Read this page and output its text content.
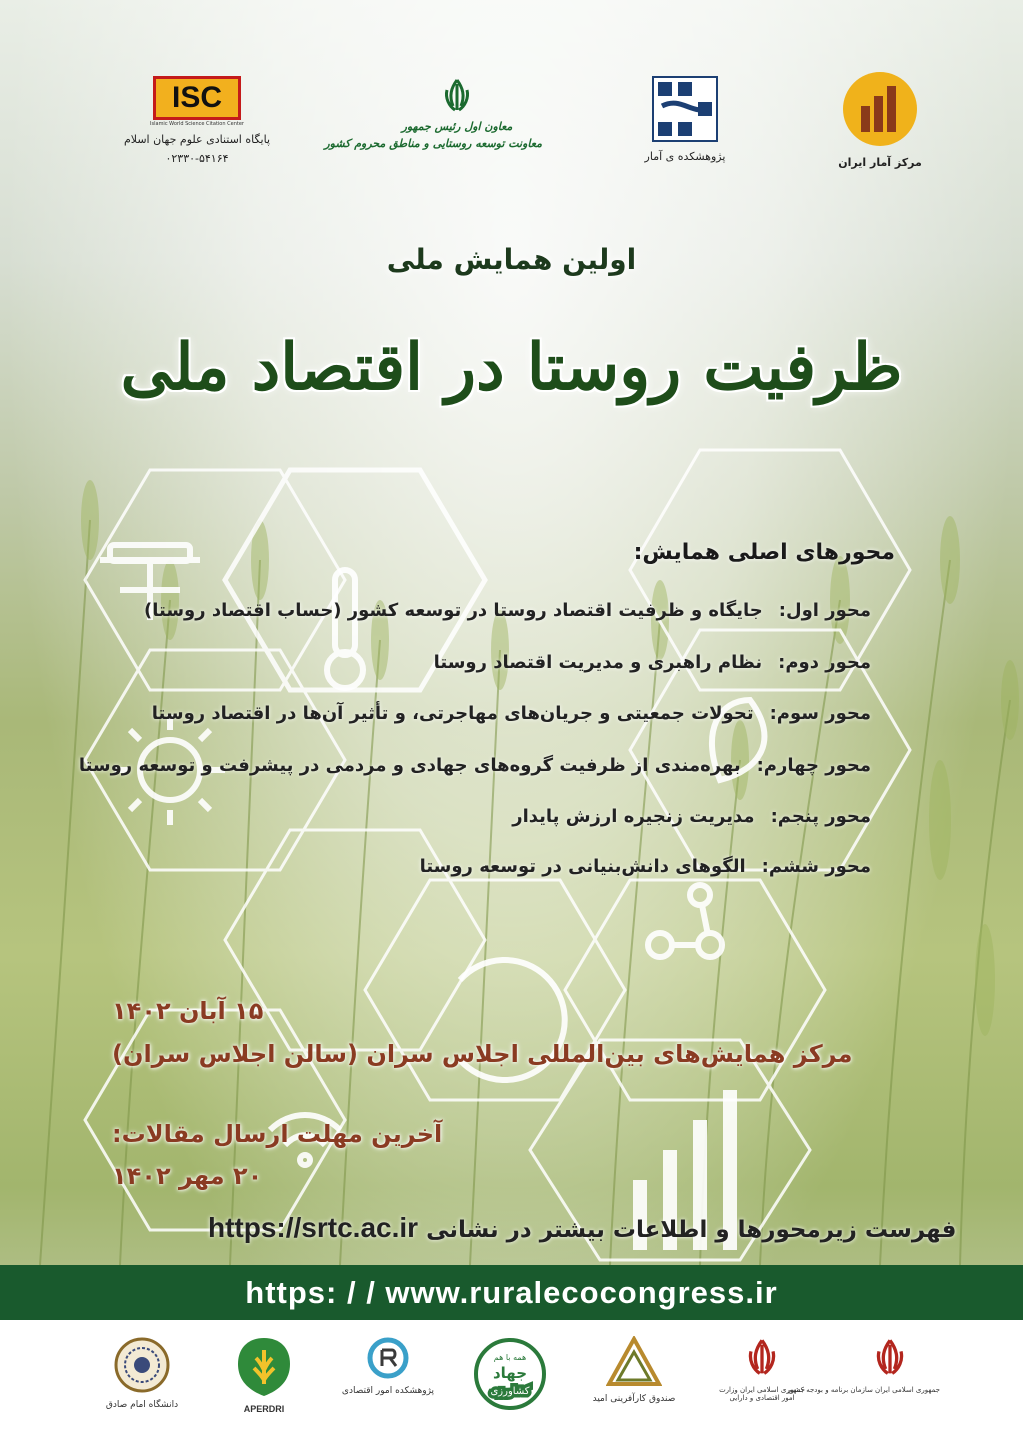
ISC
Islamic World Science Citation Center
پایگاه استنادی علوم جهان اسلام
۰۲۳۳۰-۵۴۱۶۴
معاون اول رئیس جمهور
معاونت توسعه روستایی و مناطق محروم کشور
پژوهشکده ی آمار	مرکز آمار ایران
اولین همایش ملی
ظرفیت روستا در اقتصاد ملی
محورهای اصلی همایش:
محور اول:
جایگاه و ظرفیت اقتصاد روستا در توسعه کشور (حساب اقتصاد روستا)
محور دوم:
نظام راهبری و مدیریت اقتصاد روستا
محور سوم:
تحولات جمعیتی و جریان‌های مهاجرتی، و تأثیر آن‌ها در اقتصاد روستا
محور چهارم:
بهره‌مندی از ظرفیت گروه‌های جهادی و مردمی در پیشرفت و توسعه روستا
محور پنجم:
مدیریت زنجیره ارزش پایدار
محور ششم:
الگوهای دانش‌بنیانی در توسعه روستا
۱۵ آبان ۱۴۰۲
مرکز همایش‌های بین‌المللی اجلاس سران (سالن اجلاس سران)
آخرین مهلت ارسال مقالات:
۲۰ مهر ۱۴۰۲
فهرست زیرمحورها و اطلاعات بیشتر در نشانی https://srtc.ac.ir
https: / / www.ruralecocongress.ir
جمهوری اسلامی ایران سازمان برنامه و بودجه کشور
جمهوری اسلامی ایران وزارت امور اقتصادی و دارایی
صندوق کارآفرینی امید
همه با هم
جهاد
کشاورزی
پژوهشکده امور اقتصادی
APERDRI
دانشگاه امام صادق
